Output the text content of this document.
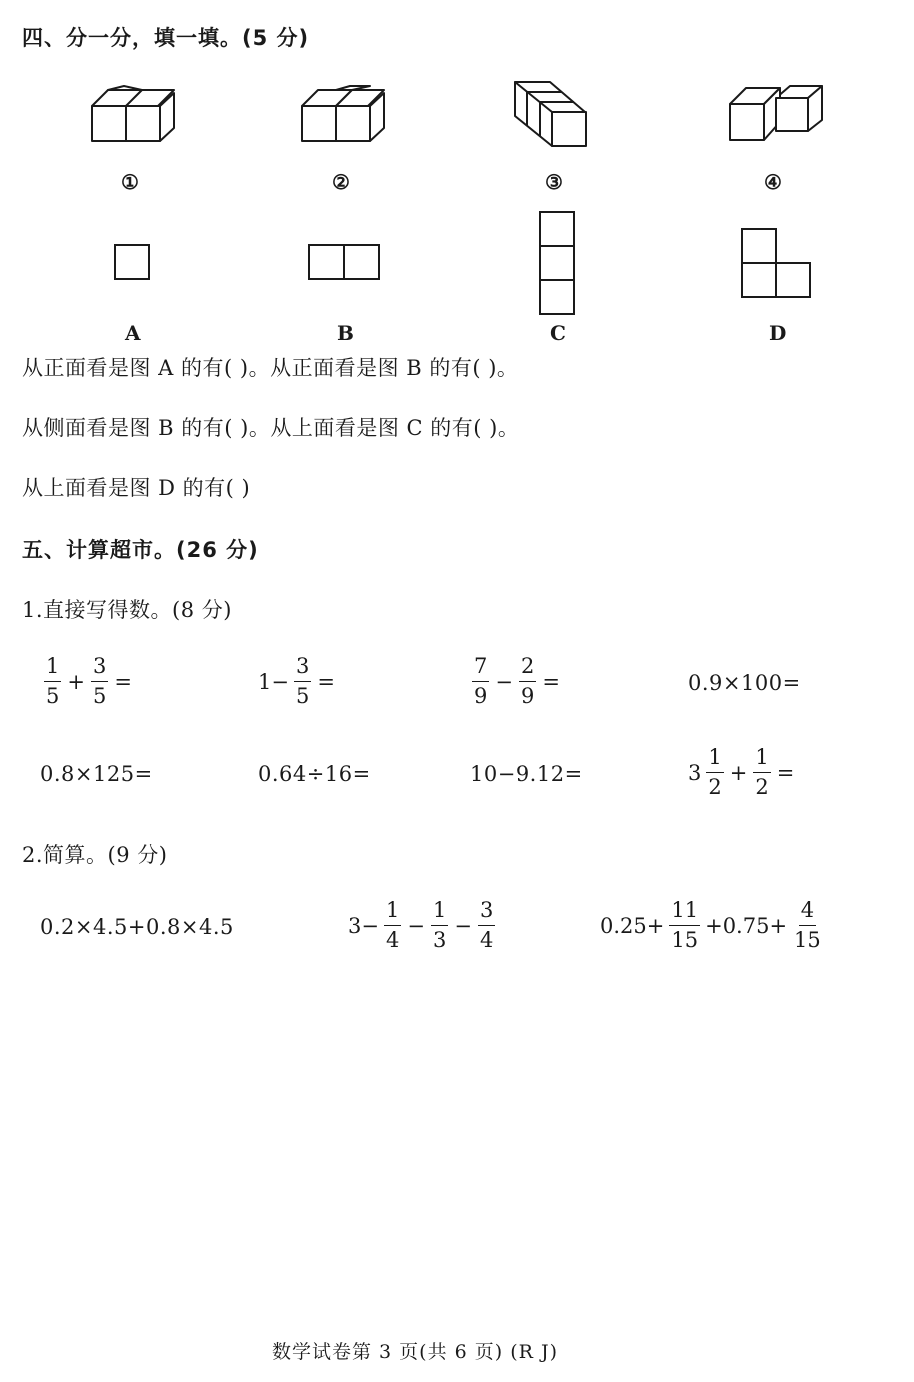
四、分一分，填一填。(5 分)
①	②	③	④
A	B	C	D
从正面看是图 A 的有( )。从正面看是图 B 的有( )。
从侧面看是图 B 的有( )。从上面看是图 C 的有( )。
从上面看是图 D 的有( )
五、计算超市。(26 分)
1.直接写得数。(8 分)
$\frac{1}{5} + \frac{3}{5}$ =	$1- \frac{3}{5}$ =	$\frac{7}{9} - \frac{2}{9}$ =	0.9×100=
0.8×125=	0.64÷16=	10−9.12=	$3 \frac{1}{2} + \frac{1}{2}$ =
2.简算。(9 分)
0.2×4.5+0.8×4.5	$3- \frac{1}{4} - \frac{1}{3} - \frac{3}{4}$	$0.25+ \frac{11}{15} +0.75+ \frac{4}{15}$
数学试卷第 3 页(共 6 页) (R J)
